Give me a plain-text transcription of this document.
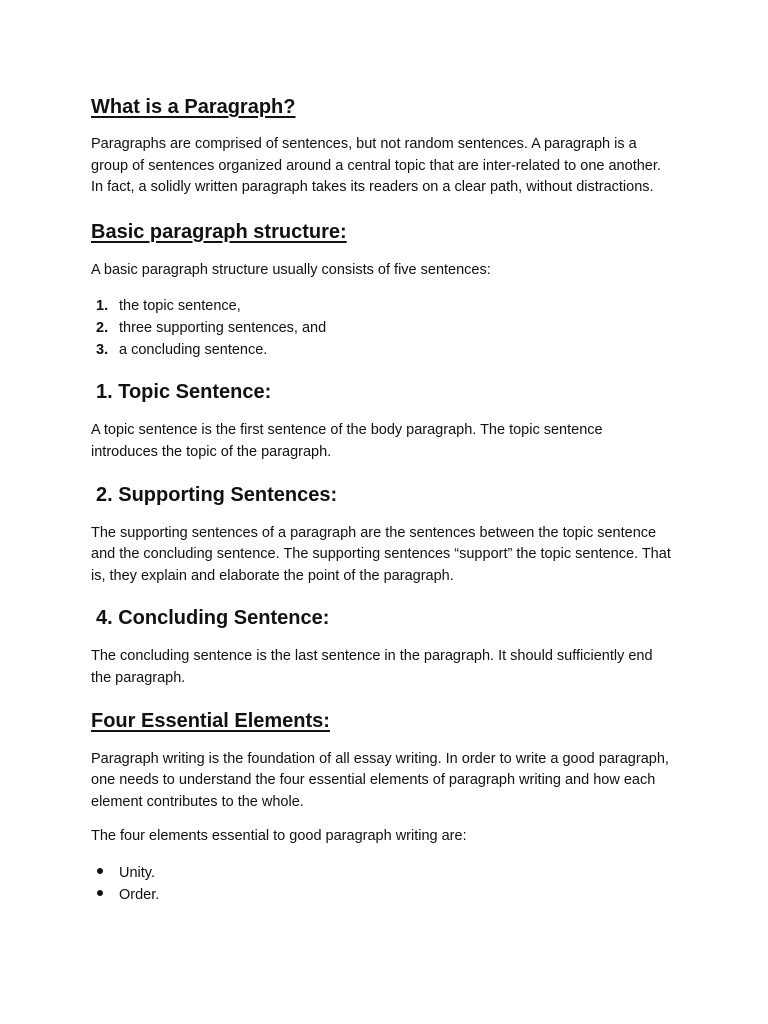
What is a Paragraph?

Paragraphs are comprised of sentences, but not random sentences. A paragraph is a group of sentences organized around a central topic that are inter-related to one another. In fact, a solidly written paragraph takes its readers on a clear path, without distractions.

Basic paragraph structure:

A basic paragraph structure usually consists of five sentences:

1. the topic sentence,
2. three supporting sentences, and
3. a concluding sentence.
1. Topic Sentence:

A topic sentence is the first sentence of the body paragraph. The topic sentence introduces the topic of the paragraph.

2. Supporting Sentences:

The supporting sentences of a paragraph are the sentences between the topic sentence and the concluding sentence. The supporting sentences “support” the topic sentence. That is, they explain and elaborate the point of the paragraph.

4. Concluding Sentence:

The concluding sentence is the last sentence in the paragraph. It should sufficiently end the paragraph.

Four Essential Elements:

Paragraph writing is the foundation of all essay writing. In order to write a good paragraph, one needs to understand the four essential elements of paragraph writing and how each element contributes to the whole.

The four elements essential to good paragraph writing are:

Unity.
Order.
